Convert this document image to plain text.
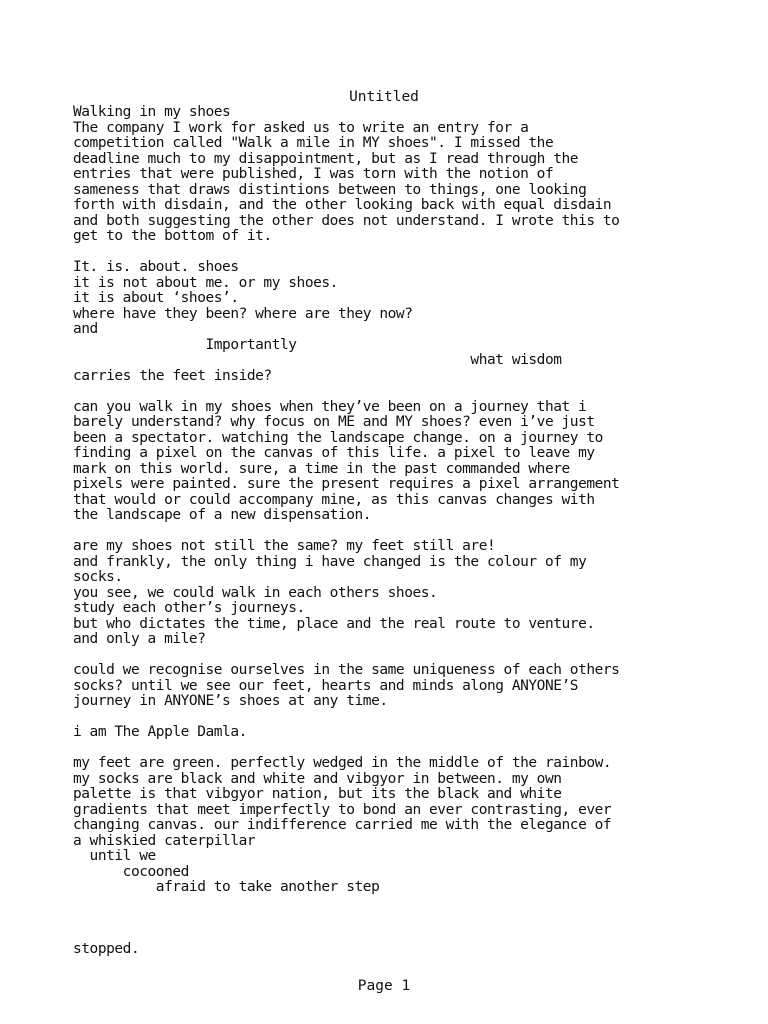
Untitled
Walking in my shoes
The company I work for asked us to write an entry for a
competition called "Walk a mile in MY shoes". I missed the
deadline much to my disappointment, but as I read through the
entries that were published, I was torn with the notion of
sameness that draws distintions between to things, one looking
forth with disdain, and the other looking back with equal disdain
and both suggesting the other does not understand. I wrote this to
get to the bottom of it.
It. is. about. shoes
it is not about me. or my shoes.
it is about ‘shoes’.
where have they been? where are they now?
and
Importantly
what wisdom
carries the feet inside?
can you walk in my shoes when they’ve been on a journey that i
barely understand? why focus on ME and MY shoes? even i’ve just
been a spectator. watching the landscape change. on a journey to
finding a pixel on the canvas of this life. a pixel to leave my
mark on this world. sure, a time in the past commanded where
pixels were painted. sure the present requires a pixel arrangement
that would or could accompany mine, as this canvas changes with
the landscape of a new dispensation.
are my shoes not still the same? my feet still are!
and frankly, the only thing i have changed is the colour of my
socks.
you see, we could walk in each others shoes.
study each other’s journeys.
but who dictates the time, place and the real route to venture.
and only a mile?
could we recognise ourselves in the same uniqueness of each others
socks? until we see our feet, hearts and minds along ANYONE’S
journey in ANYONE’s shoes at any time.
i am The Apple Damla.
my feet are green. perfectly wedged in the middle of the rainbow.
my socks are black and white and vibgyor in between. my own
palette is that vibgyor nation, but its the black and white
gradients that meet imperfectly to bond an ever contrasting, ever
changing canvas. our indifference carried me with the elegance of
a whiskied caterpillar
until we
cocooned
afraid to take another step
stopped.
Page 1
